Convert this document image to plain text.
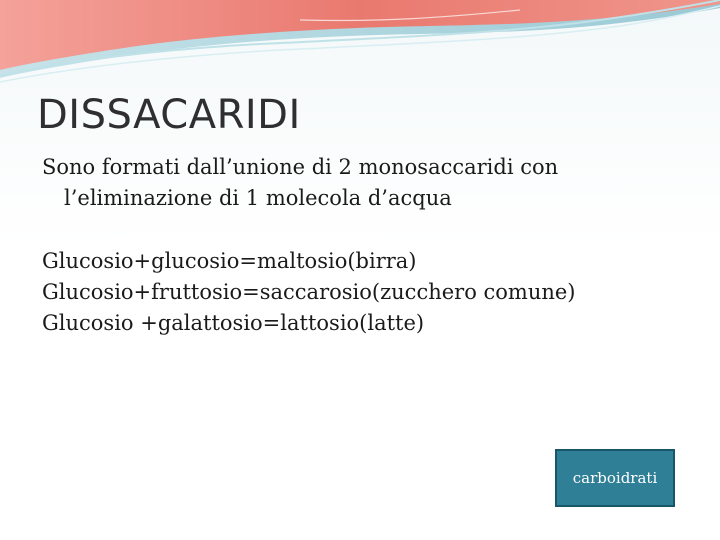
DISSACARIDI

Sono formati dall’unione di 2 monosaccaridi con l’eliminazione di 1 molecola d’acqua

Glucosio+glucosio=maltosio(birra)

Glucosio+fruttosio=saccarosio(zucchero comune)

Glucosio +galattosio=lattosio(latte)

carboidrati
